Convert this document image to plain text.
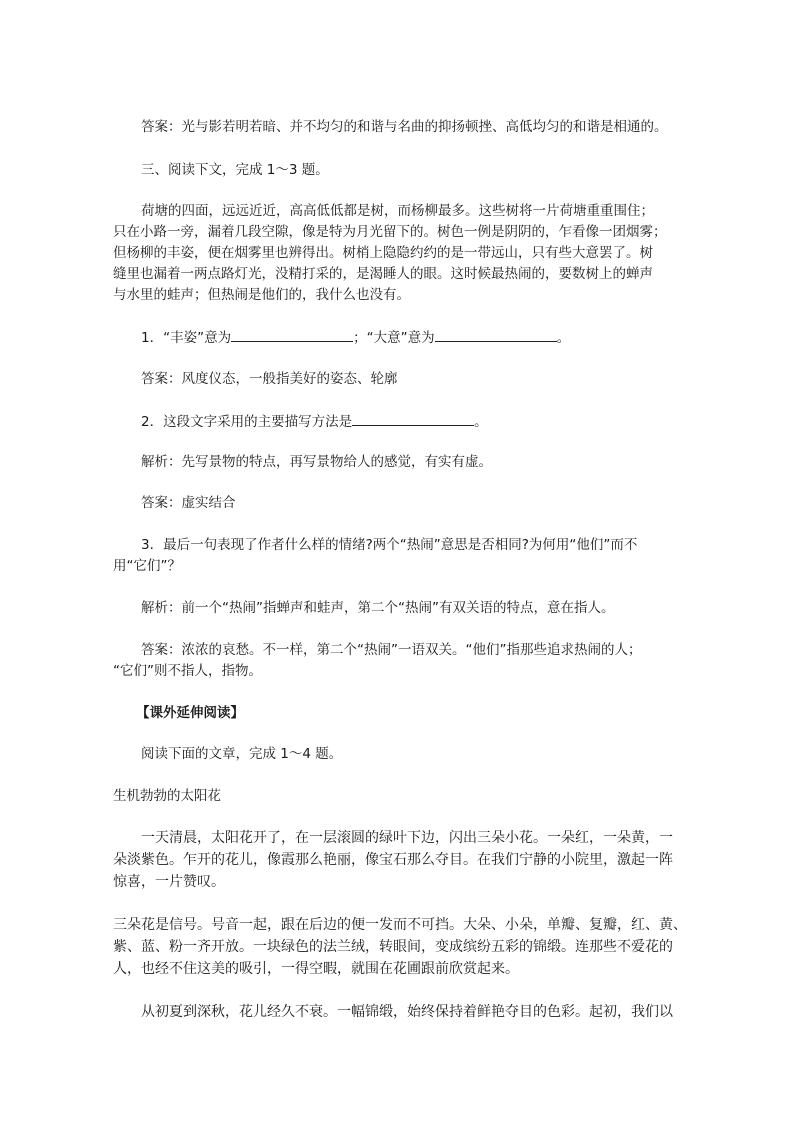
答案：光与影若明若暗、并不均匀的和谐与名曲的抑扬顿挫、高低均匀的和谐是相通的。
三、阅读下文，完成 1～3 题。
荷塘的四面，远远近近，高高低低都是树，而杨柳最多。这些树将一片荷塘重重围住；
只在小路一旁，漏着几段空隙，像是特为月光留下的。树色一例是阴阴的，乍看像一团烟雾；
但杨柳的丰姿，便在烟雾里也辨得出。树梢上隐隐约约的是一带远山，只有些大意罢了。树
缝里也漏着一两点路灯光，没精打采的，是渴睡人的眼。这时候最热闹的，要数树上的蝉声
与水里的蛙声；但热闹是他们的，我什么也没有。
1．“丰姿”意为	；“大意”意为	。
答案：风度仪态，一般指美好的姿态、轮廓
2．这段文字采用的主要描写方法是	。
解析：先写景物的特点，再写景物给人的感觉，有实有虚。
答案：虚实结合
3．最后一句表现了作者什么样的情绪?两个“热闹”意思是否相同?为何用“他们”而不
用“它们”？
解析：前一个“热闹”指蝉声和蛙声，第二个“热闹”有双关语的特点，意在指人。
答案：浓浓的哀愁。不一样，第二个“热闹”一语双关。“他们”指那些追求热闹的人；
“它们”则不指人，指物。
【课外延伸阅读】
阅读下面的文章，完成 1～4 题。
生机勃勃的太阳花
一天清晨，太阳花开了，在一层滚圆的绿叶下边，闪出三朵小花。一朵红，一朵黄，一
朵淡紫色。乍开的花儿，像霞那么艳丽，像宝石那么夺目。在我们宁静的小院里，激起一阵
惊喜，一片赞叹。
三朵花是信号。号音一起，跟在后边的便一发而不可挡。大朵、小朵，单瓣、复瓣，红、黄、
紫、蓝、粉一齐开放。一块绿色的法兰绒，转眼间，变成缤纷五彩的锦缎。连那些不爱花的
人，也经不住这美的吸引，一得空暇，就围在花圃跟前欣赏起来。
从初夏到深秋，花儿经久不衰。一幅锦缎，始终保持着鲜艳夺目的色彩。起初，我们以
